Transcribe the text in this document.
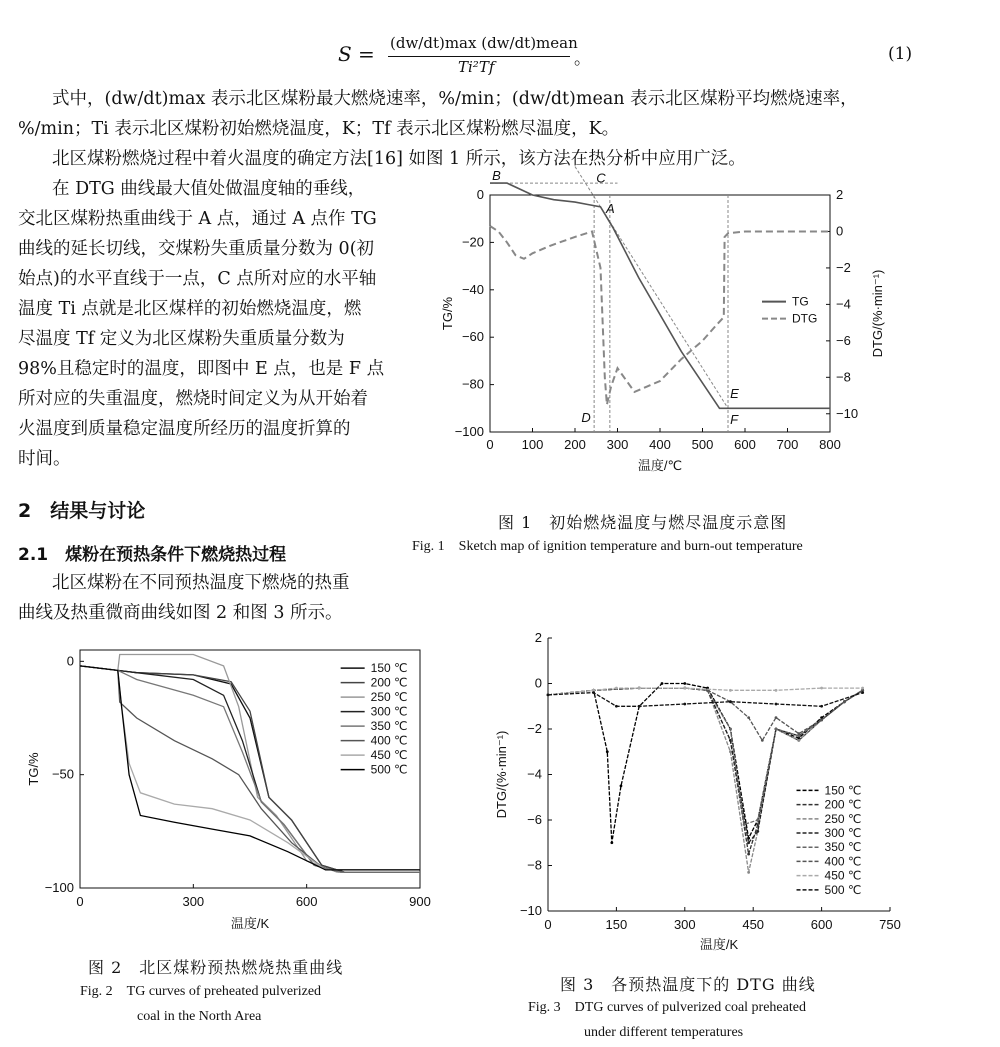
S = (dw/dt)max (dw/dt)mean
Ti²Tf	。	(1)
式中，(dw/dt)max 表示北区煤粉最大燃烧速率，%/min；(dw/dt)mean 表示北区煤粉平均燃烧速率，
%/min；Ti 表示北区煤粉初始燃烧温度，K；Tf 表示北区煤粉燃尽温度，K。
北区煤粉燃烧过程中着火温度的确定方法[16] 如图 1 所示，该方法在热分析中应用广泛。
在 DTG 曲线最大值处做温度轴的垂线，
交北区煤粉热重曲线于 A 点，通过 A 点作 TG
曲线的延长切线，交煤粉失重质量分数为 0(初
始点)的水平直线于一点，C 点所对应的水平轴
温度 Ti 点就是北区煤样的初始燃烧温度，燃
尽温度 Tf 定义为北区煤粉失重质量分数为
98%且稳定时的温度，即图中 E 点，也是 F 点
所对应的失重温度，燃烧时间定义为从开始着
火温度到质量稳定温度所经历的温度折算的
时间。
2　结果与讨论
2.1　煤粉在预热条件下燃烧热过程
北区煤粉在不同预热温度下燃烧的热重
曲线及热重微商曲线如图 2 和图 3 所示。
0 100 200 300 400 500 600 700 800
0
−20
−40
−60
−80
−100
2
0
−2
−4
−6
−8
−10
温度/℃
TG/%	DTG/(%·min⁻¹)
B	C
A
D
E
F
TG
DTG
图 1　初始燃烧温度与燃尽温度示意图
Fig. 1　Sketch map of ignition temperature and burn-out temperature
0	300	600	900
0
−50
−100
温度/K
TG/%
150 ℃
200 ℃
250 ℃
300 ℃
350 ℃
400 ℃
450 ℃
500 ℃
图 2　北区煤粉预热燃烧热重曲线
Fig. 2　TG curves of preheated pulverized
coal in the North Area
0	150	300	450	600	750
2
0
−2
−4
−6
−8
−10
温度/K
DTG/(%·min⁻¹)	150 ℃
200 ℃
250 ℃
300 ℃
350 ℃
400 ℃
450 ℃
500 ℃
图 3　各预热温度下的 DTG 曲线
Fig. 3　DTG curves of pulverized coal preheated
under different temperatures
